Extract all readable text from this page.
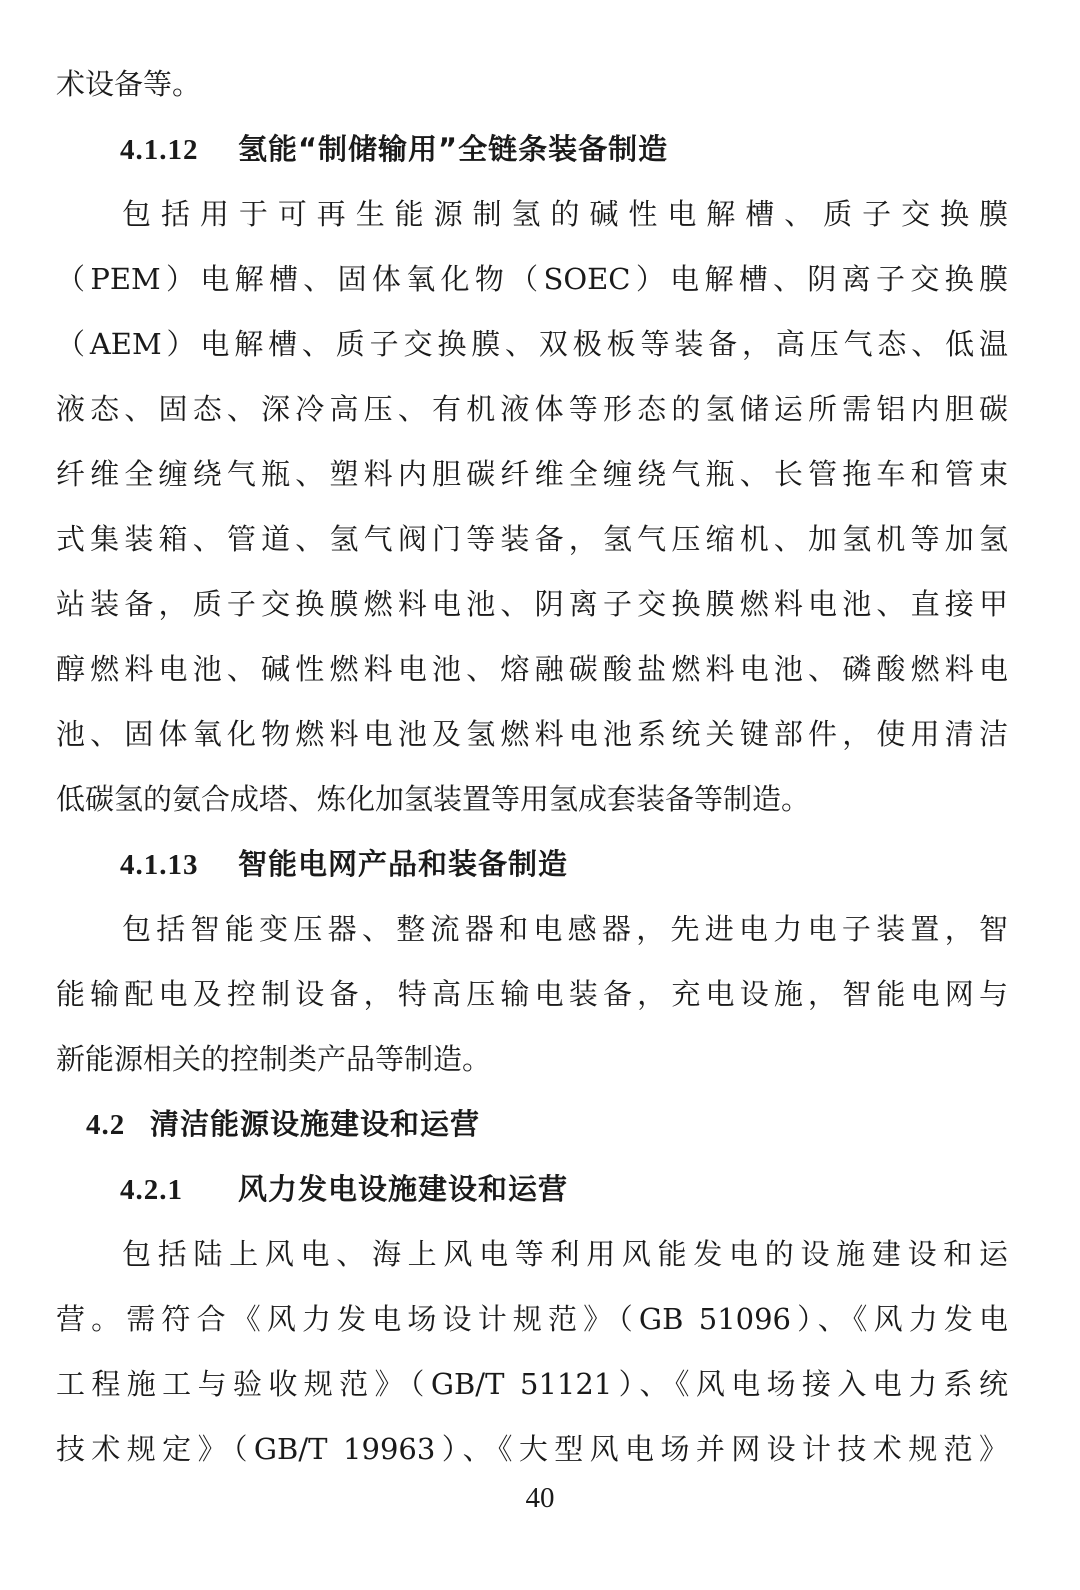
术设备等。
4.1.12 氢能“制储输用”全链条装备制造
包括用于可再生能源制氢的碱性电解槽、质子交换膜
（PEM）电解槽、固体氧化物（SOEC）电解槽、阴离子交换膜
（AEM）电解槽、质子交换膜、双极板等装备，高压气态、低温
液态、固态、深冷高压、有机液体等形态的氢储运所需铝内胆碳
纤维全缠绕气瓶、塑料内胆碳纤维全缠绕气瓶、长管拖车和管束
式集装箱、管道、氢气阀门等装备，氢气压缩机、加氢机等加氢
站装备，质子交换膜燃料电池、阴离子交换膜燃料电池、直接甲
醇燃料电池、碱性燃料电池、熔融碳酸盐燃料电池、磷酸燃料电
池、固体氧化物燃料电池及氢燃料电池系统关键部件，使用清洁
低碳氢的氨合成塔、炼化加氢装置等用氢成套装备等制造。
4.1.13 智能电网产品和装备制造
包括智能变压器、整流器和电感器，先进电力电子装置，智
能输配电及控制设备，特高压输电装备，充电设施，智能电网与
新能源相关的控制类产品等制造。
4.2 清洁能源设施建设和运营
4.2.1 风力发电设施建设和运营
包括陆上风电、海上风电等利用风能发电的设施建设和运
营。需符合《风力发电场设计规范》（GB 51096）、《风力发电
工程施工与验收规范》（GB/T 51121）、《风电场接入电力系统
技术规定》（GB/T 19963）、《大型风电场并网设计技术规范》
40
